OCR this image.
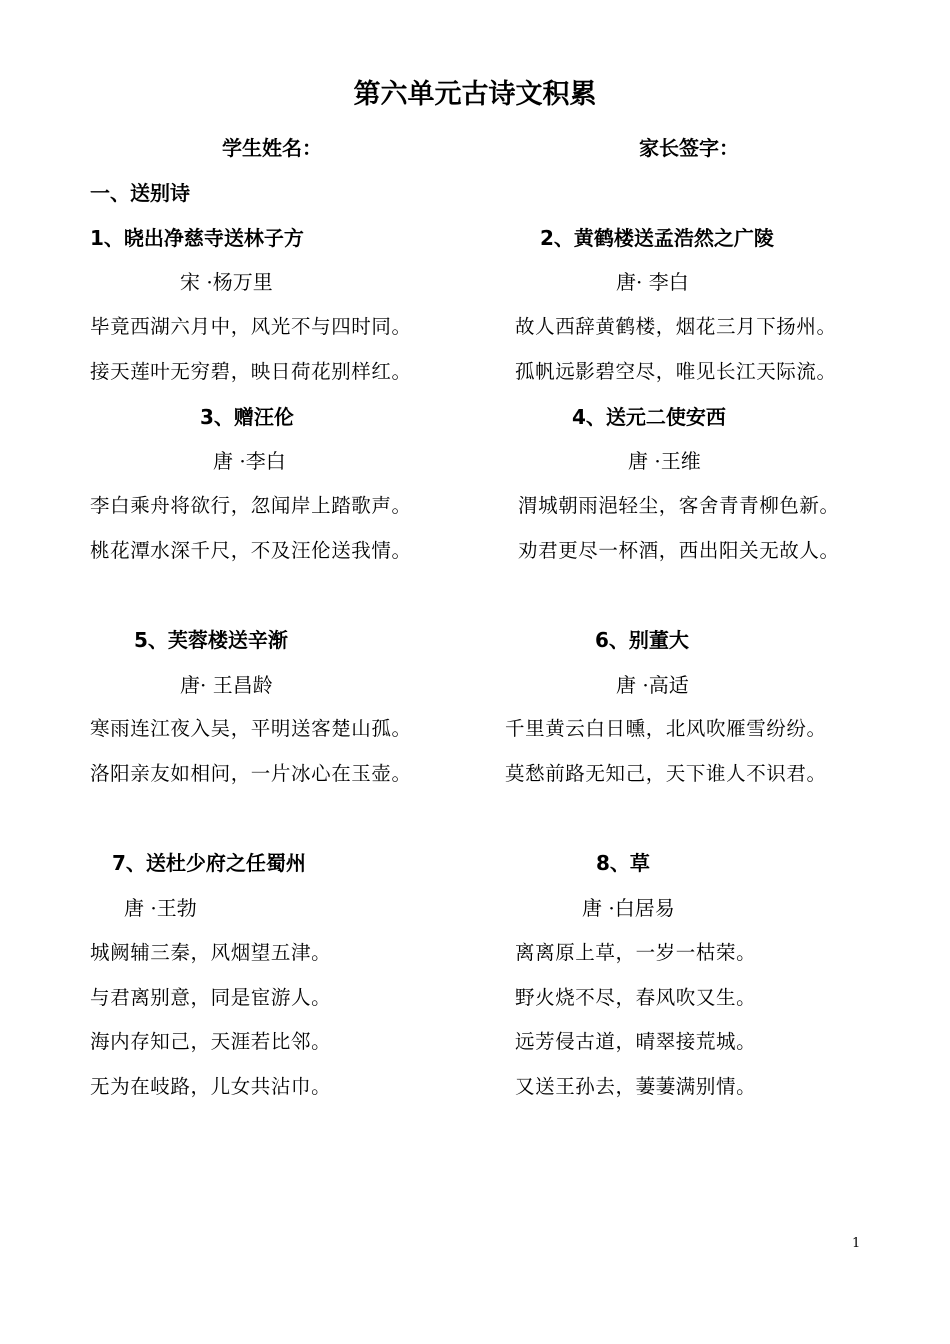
第六单元古诗文积累
学生姓名：	家长签字：
一、送别诗
1、晓出净慈寺送林子方
宋 ·杨万里
毕竟西湖六月中，风光不与四时同。
接天莲叶无穷碧，映日荷花别样红。
2、黄鹤楼送孟浩然之广陵
唐· 李白
故人西辞黄鹤楼，烟花三月下扬州。
孤帆远影碧空尽，唯见长江天际流。
3、赠汪伦
唐 ·李白
李白乘舟将欲行，忽闻岸上踏歌声。
桃花潭水深千尺，不及汪伦送我情。
4、送元二使安西
唐 ·王维
渭城朝雨浥轻尘，客舍青青柳色新。
劝君更尽一杯酒，西出阳关无故人。
5、芙蓉楼送辛渐
唐· 王昌龄
寒雨连江夜入吴，平明送客楚山孤。
洛阳亲友如相问，一片冰心在玉壶。
6、别董大
唐 ·高适
千里黄云白日曛，北风吹雁雪纷纷。
莫愁前路无知己，天下谁人不识君。
7、送杜少府之任蜀州
唐 ·王勃
城阙辅三秦，风烟望五津。
与君离别意，同是宦游人。
海内存知己，天涯若比邻。
无为在岐路，儿女共沾巾。
8、草
唐 ·白居易
离离原上草，一岁一枯荣。
野火烧不尽，春风吹又生。
远芳侵古道，晴翠接荒城。
又送王孙去，萋萋满别情。
1
